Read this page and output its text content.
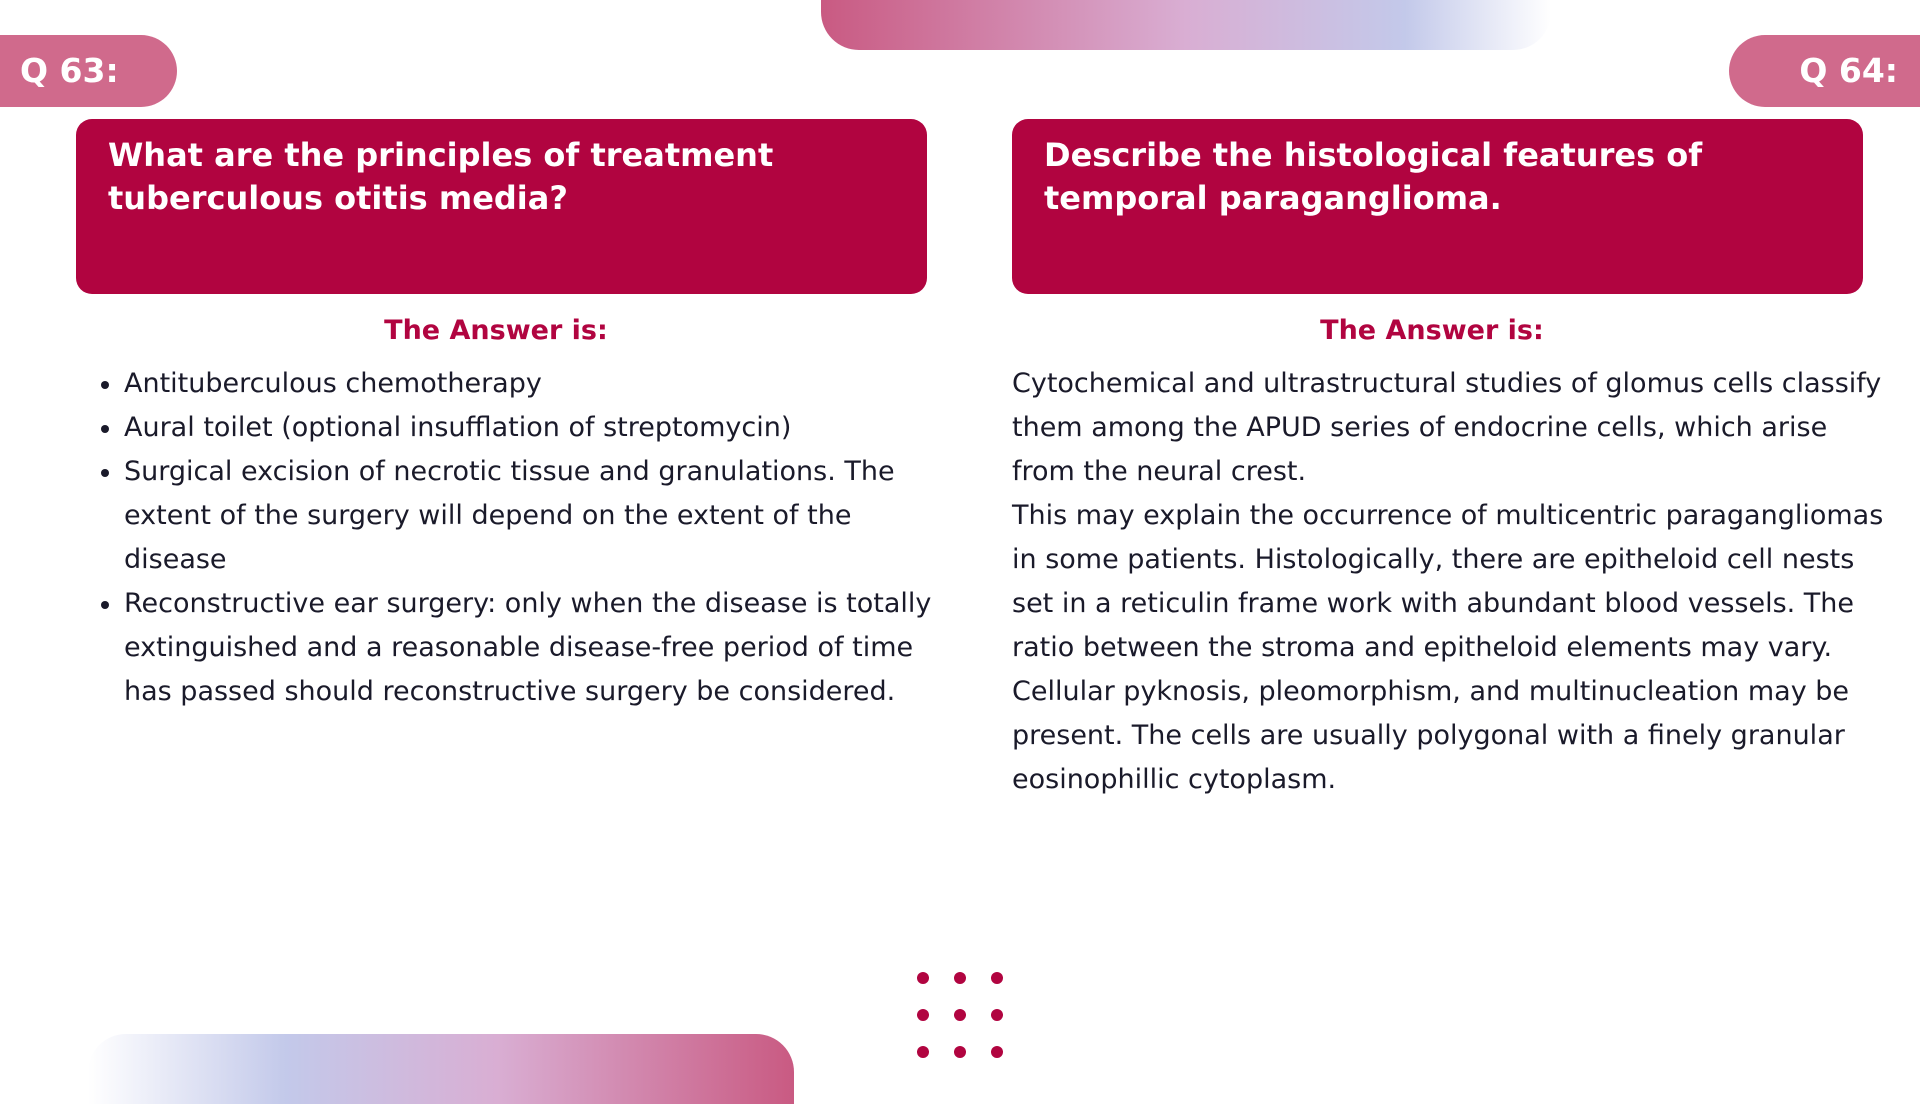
Q 63:	Q 64:
What are the principles of treatment tuberculous otitis media?
Describe the histological features of temporal paraganglioma.
The Answer is:	The Answer is:
Antituberculous chemotherapy
Aural toilet (optional insufflation of streptomycin)
Surgical excision of necrotic tissue and granulations. The extent of the surgery will depend on the extent of the disease
Reconstructive ear surgery: only when the disease is totally extinguished and a reasonable disease-free period of time has passed should reconstructive surgery be considered.

Cytochemical and ultrastructural studies of glomus cells classify them among the APUD series of endocrine cells, which arise from the neural crest.

This may explain the occurrence of multicentric paragangliomas in some patients. Histologically, there are epitheloid cell nests set in a reticulin frame work with abundant blood vessels. The ratio between the stroma and epitheloid elements may vary.

Cellular pyknosis, pleomorphism, and multinucleation may be present. The cells are usually polygonal with a finely granular eosinophillic cytoplasm.
